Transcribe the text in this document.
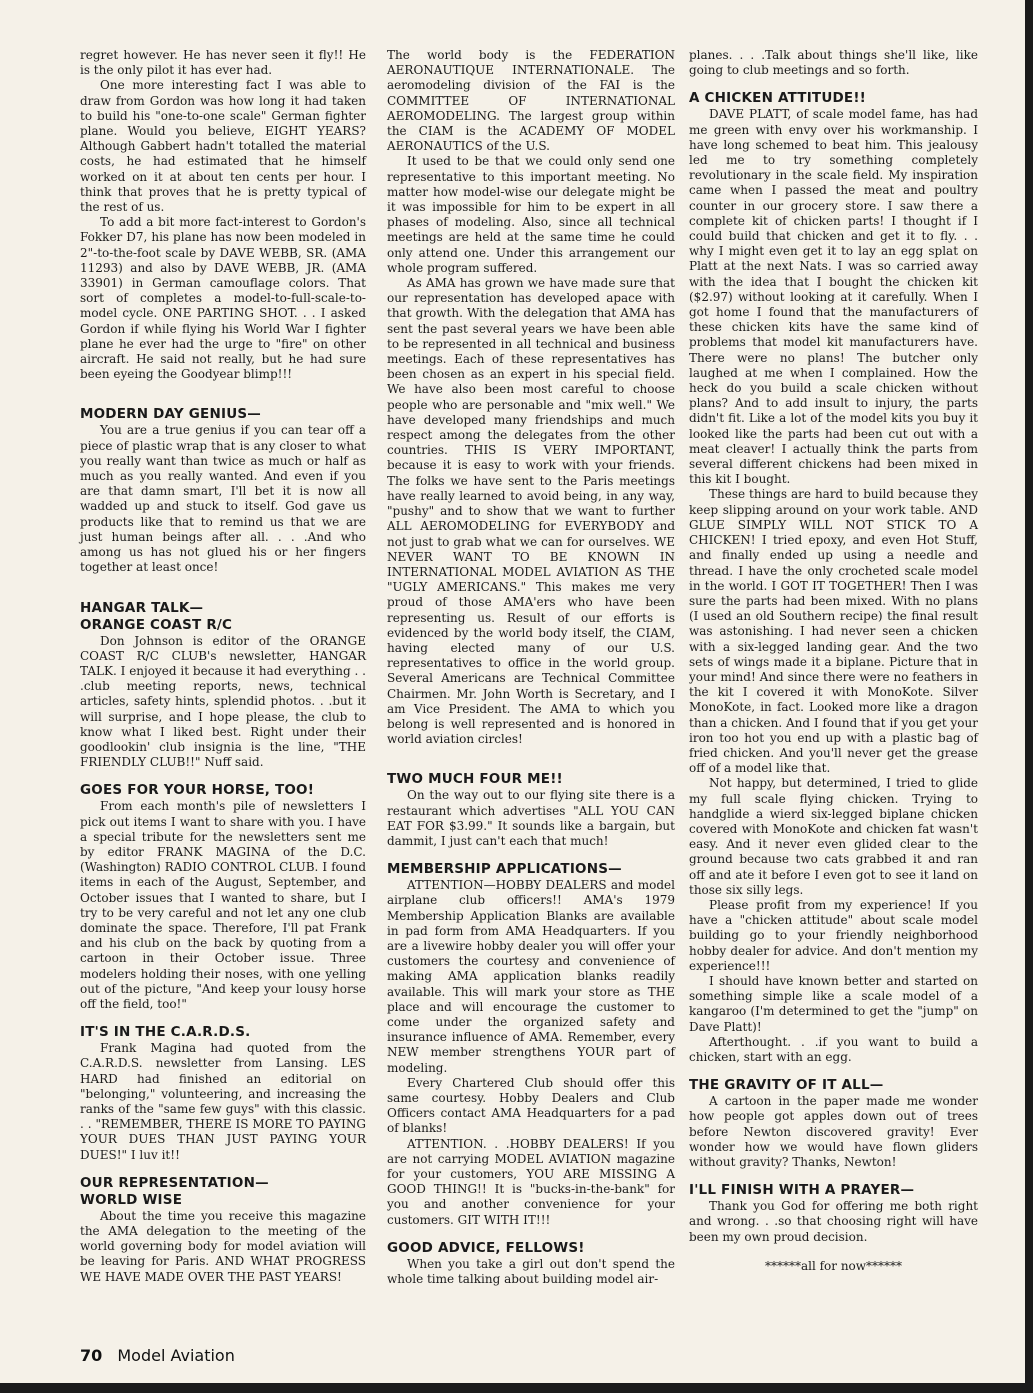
regret however. He has never seen it fly!! He is the only pilot it has ever had.

One more interesting fact I was able to draw from Gordon was how long it had taken to build his "one-to-one scale" German fighter plane. Would you believe, EIGHT YEARS? Although Gabbert hadn't totalled the material costs, he had estimated that he himself worked on it at about ten cents per hour. I think that proves that he is pretty typical of the rest of us.

To add a bit more fact-interest to Gordon's Fokker D7, his plane has now been modeled in 2"-to-the-foot scale by DAVE WEBB, SR. (AMA 11293) and also by DAVE WEBB, JR. (AMA 33901) in German camouflage colors. That sort of completes a model-to-full-scale-to-model cycle. ONE PARTING SHOT. . . I asked Gordon if while flying his World War I fighter plane he ever had the urge to "fire" on other aircraft. He said not really, but he had sure been eyeing the Goodyear blimp!!!

MODERN DAY GENIUS—

You are a true genius if you can tear off a piece of plastic wrap that is any closer to what you really want than twice as much or half as much as you really wanted. And even if you are that damn smart, I'll bet it is now all wadded up and stuck to itself. God gave us products like that to remind us that we are just human beings after all. . . .And who among us has not glued his or her fingers together at least once!

HANGAR TALK—
ORANGE COAST R/C

Don Johnson is editor of the ORANGE COAST R/C CLUB's newsletter, HANGAR TALK. I enjoyed it because it had everything . . .club meeting reports, news, technical articles, safety hints, splendid photos. . .but it will surprise, and I hope please, the club to know what I liked best. Right under their goodlookin' club insignia is the line, "THE FRIENDLY CLUB!!" Nuff said.

GOES FOR YOUR HORSE, TOO!

From each month's pile of newsletters I pick out items I want to share with you. I have a special tribute for the newsletters sent me by editor FRANK MAGINA of the D.C. (Washington) RADIO CONTROL CLUB. I found items in each of the August, September, and October issues that I wanted to share, but I try to be very careful and not let any one club dominate the space. Therefore, I'll pat Frank and his club on the back by quoting from a cartoon in their October issue. Three modelers holding their noses, with one yelling out of the picture, "And keep your lousy horse off the field, too!"

IT'S IN THE C.A.R.D.S.

Frank Magina had quoted from the C.A.R.D.S. newsletter from Lansing. LES HARD had finished an editorial on "belonging," volunteering, and increasing the ranks of the "same few guys" with this classic. . . "REMEMBER, THERE IS MORE TO PAYING YOUR DUES THAN JUST PAYING YOUR DUES!" I luv it!!

OUR REPRESENTATION—
WORLD WISE

About the time you receive this magazine the AMA delegation to the meeting of the world governing body for model aviation will be leaving for Paris. AND WHAT PROGRESS WE HAVE MADE OVER THE PAST YEARS!

The world body is the FEDERATION AERONAUTIQUE INTERNATIONALE. The aeromodeling division of the FAI is the COMMITTEE OF INTERNATIONAL AEROMODELING. The largest group within the CIAM is the ACADEMY OF MODEL AERONAUTICS of the U.S.

It used to be that we could only send one representative to this important meeting. No matter how model-wise our delegate might be it was impossible for him to be expert in all phases of modeling. Also, since all technical meetings are held at the same time he could only attend one. Under this arrangement our whole program suffered.

As AMA has grown we have made sure that our representation has developed apace with that growth. With the delegation that AMA has sent the past several years we have been able to be represented in all technical and business meetings. Each of these representatives has been chosen as an expert in his special field. We have also been most careful to choose people who are personable and "mix well." We have developed many friendships and much respect among the delegates from the other countries. THIS IS VERY IMPORTANT, because it is easy to work with your friends. The folks we have sent to the Paris meetings have really learned to avoid being, in any way, "pushy" and to show that we want to further ALL AEROMODELING for EVERYBODY and not just to grab what we can for ourselves. WE NEVER WANT TO BE KNOWN IN INTERNATIONAL MODEL AVIATION AS THE "UGLY AMERICANS." This makes me very proud of those AMA'ers who have been representing us. Result of our efforts is evidenced by the world body itself, the CIAM, having elected many of our U.S. representatives to office in the world group. Several Americans are Technical Committee Chairmen. Mr. John Worth is Secretary, and I am Vice President. The AMA to which you belong is well represented and is honored in world aviation circles!

TWO MUCH FOUR ME!!

On the way out to our flying site there is a restaurant which advertises "ALL YOU CAN EAT FOR $3.99." It sounds like a bargain, but dammit, I just can't each that much!

MEMBERSHIP APPLICATIONS—

ATTENTION—HOBBY DEALERS and model airplane club officers!! AMA's 1979 Membership Application Blanks are available in pad form from AMA Headquarters. If you are a livewire hobby dealer you will offer your customers the courtesy and convenience of making AMA application blanks readily available. This will mark your store as THE place and will encourage the customer to come under the organized safety and insurance influence of AMA. Remember, every NEW member strengthens YOUR part of modeling.

Every Chartered Club should offer this same courtesy. Hobby Dealers and Club Officers contact AMA Headquarters for a pad of blanks!

ATTENTION. . .HOBBY DEALERS! If you are not carrying MODEL AVIATION magazine for your customers, YOU ARE MISSING A GOOD THING!! It is "bucks-in-the-bank" for you and another convenience for your customers. GIT WITH IT!!!

GOOD ADVICE, FELLOWS!

When you take a girl out don't spend the whole time talking about building model air-

planes. . . .Talk about things she'll like, like going to club meetings and so forth.

A CHICKEN ATTITUDE!!

DAVE PLATT, of scale model fame, has had me green with envy over his workmanship. I have long schemed to beat him. This jealousy led me to try something completely revolutionary in the scale field. My inspiration came when I passed the meat and poultry counter in our grocery store. I saw there a complete kit of chicken parts! I thought if I could build that chicken and get it to fly. . . why I might even get it to lay an egg splat on Platt at the next Nats. I was so carried away with the idea that I bought the chicken kit ($2.97) without looking at it carefully. When I got home I found that the manufacturers of these chicken kits have the same kind of problems that model kit manufacturers have. There were no plans! The butcher only laughed at me when I complained. How the heck do you build a scale chicken without plans? And to add insult to injury, the parts didn't fit. Like a lot of the model kits you buy it looked like the parts had been cut out with a meat cleaver! I actually think the parts from several different chickens had been mixed in this kit I bought.

These things are hard to build because they keep slipping around on your work table. AND GLUE SIMPLY WILL NOT STICK TO A CHICKEN! I tried epoxy, and even Hot Stuff, and finally ended up using a needle and thread. I have the only crocheted scale model in the world. I GOT IT TOGETHER! Then I was sure the parts had been mixed. With no plans (I used an old Southern recipe) the final result was astonishing. I had never seen a chicken with a six-legged landing gear. And the two sets of wings made it a biplane. Picture that in your mind! And since there were no feathers in the kit I covered it with MonoKote. Silver MonoKote, in fact. Looked more like a dragon than a chicken. And I found that if you get your iron too hot you end up with a plastic bag of fried chicken. And you'll never get the grease off of a model like that.

Not happy, but determined, I tried to glide my full scale flying chicken. Trying to handglide a wierd six-legged biplane chicken covered with MonoKote and chicken fat wasn't easy. And it never even glided clear to the ground because two cats grabbed it and ran off and ate it before I even got to see it land on those six silly legs.

Please profit from my experience! If you have a "chicken attitude" about scale model building go to your friendly neighborhood hobby dealer for advice. And don't mention my experience!!!

I should have known better and started on something simple like a scale model of a kangaroo (I'm determined to get the "jump" on Dave Platt)!

Afterthought. . .if you want to build a chicken, start with an egg.

THE GRAVITY OF IT ALL—

A cartoon in the paper made me wonder how people got apples down out of trees before Newton discovered gravity! Ever wonder how we would have flown gliders without gravity? Thanks, Newton!

I'LL FINISH WITH A PRAYER—

Thank you God for offering me both right and wrong. . .so that choosing right will have been my own proud decision.

******all for now******

70 Model Aviation
